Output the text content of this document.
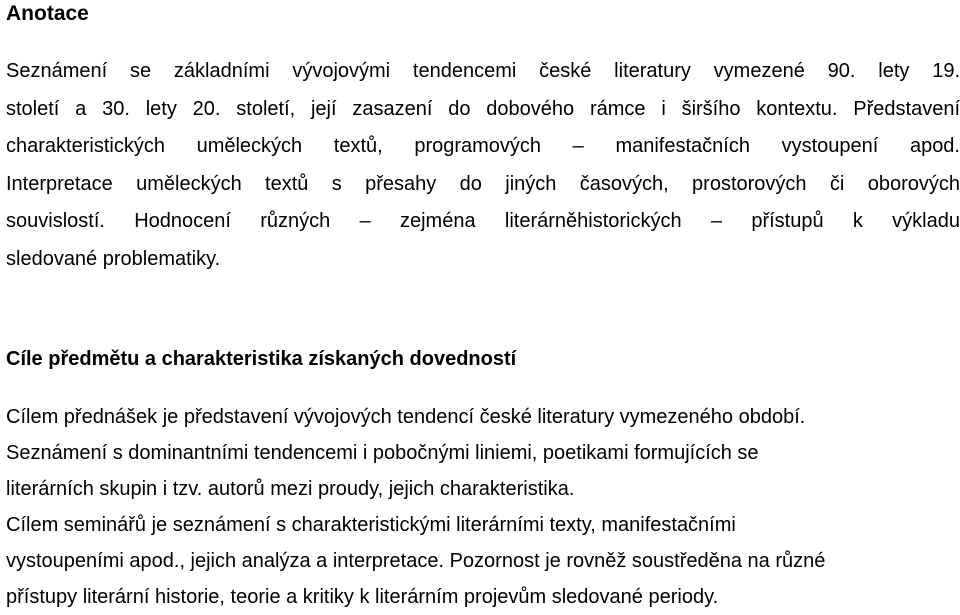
Anotace
Seznámení se základními vývojovými tendencemi české literatury vymezené 90. lety 19.
století a 30. lety 20. století, její zasazení do dobového rámce i širšího kontextu. Představení
charakteristických uměleckých textů, programových – manifestačních vystoupení apod.
Interpretace uměleckých textů s přesahy do jiných časových, prostorových či oborových
souvislostí. Hodnocení různých – zejména literárněhistorických – přístupů k výkladu
sledované problematiky.
Cíle předmětu a charakteristika získaných dovedností
Cílem přednášek je představení vývojových tendencí české literatury vymezeného období.
Seznámení s dominantními tendencemi i pobočnými liniemi, poetikami formujících se
literárních skupin i tzv. autorů mezi proudy, jejich charakteristika.
Cílem seminářů je seznámení s charakteristickými literárními texty, manifestačními
vystoupeními apod., jejich analýza a interpretace. Pozornost je rovněž soustředěna na různé
přístupy literární historie, teorie a kritiky k literárním projevům sledované periody.
